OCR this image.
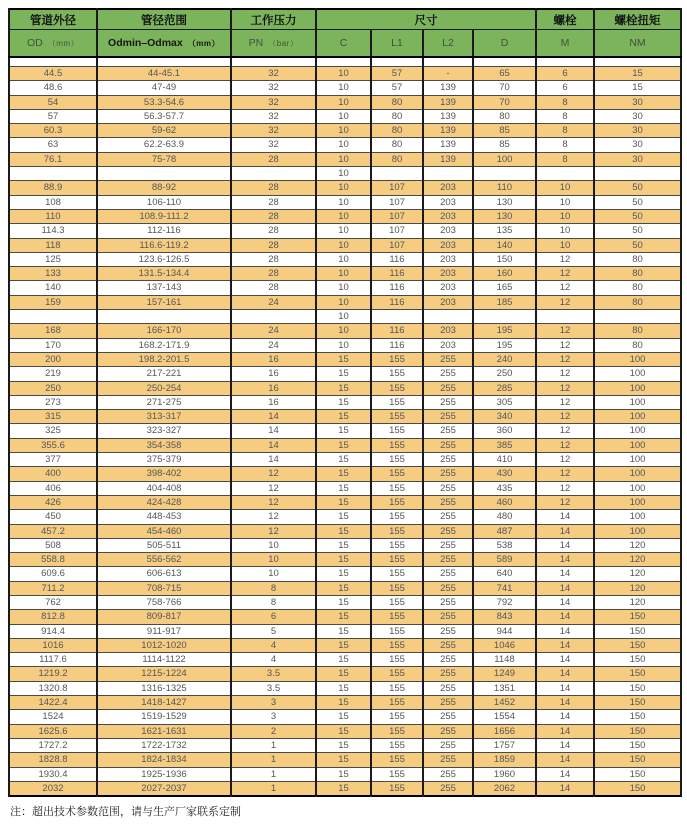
管道外径	管径范围	工作压力	尺寸				螺栓	螺栓扭矩
OD （mm）	Odmin–Odmax （mm）	PN （bar）	C	L1	L2	D	M	NM

44.5	44-45.1	32	10	57	-	65	6	15
48.6	47-49	32	10	57	139	70	6	15
54	53.3-54.6	32	10	80	139	70	8	30
57	56.3-57.7	32	10	80	139	80	8	30
60.3	59-62	32	10	80	139	85	8	30
63	62.2-63.9	32	10	80	139	85	8	30
76.1	75-78	28	10	80	139	100	8	30
			10					
88.9	88-92	28	10	107	203	110	10	50
108	106-110	28	10	107	203	130	10	50
110	108.9-111.2	28	10	107	203	130	10	50
114.3	112-116	28	10	107	203	135	10	50
118	116.6-119.2	28	10	107	203	140	10	50
125	123.6-126.5	28	10	116	203	150	12	80
133	131.5-134.4	28	10	116	203	160	12	80
140	137-143	28	10	116	203	165	12	80
159	157-161	24	10	116	203	185	12	80
			10					
168	166-170	24	10	116	203	195	12	80
170	168.2-171.9	24	10	116	203	195	12	80
200	198.2-201.5	16	15	155	255	240	12	100
219	217-221	16	15	155	255	250	12	100
250	250-254	16	15	155	255	285	12	100
273	271-275	16	15	155	255	305	12	100
315	313-317	14	15	155	255	340	12	100
325	323-327	14	15	155	255	360	12	100
355.6	354-358	14	15	155	255	385	12	100
377	375-379	14	15	155	255	410	12	100
400	398-402	12	15	155	255	430	12	100
406	404-408	12	15	155	255	435	12	100
426	424-428	12	15	155	255	460	12	100
450	448-453	12	15	155	255	480	14	100
457.2	454-460	12	15	155	255	487	14	100
508	505-511	10	15	155	255	538	14	120
558.8	556-562	10	15	155	255	589	14	120
609.6	606-613	10	15	155	255	640	14	120
711.2	708-715	8	15	155	255	741	14	120
762	758-766	8	15	155	255	792	14	120
812.8	809-817	6	15	155	255	843	14	150
914.4	911-917	5	15	155	255	944	14	150
1016	1012-1020	4	15	155	255	1046	14	150
1117.6	1114-1122	4	15	155	255	1148	14	150
1219.2	1215-1224	3.5	15	155	255	1249	14	150
1320.8	1316-1325	3.5	15	155	255	1351	14	150
1422.4	1418-1427	3	15	155	255	1452	14	150
1524	1519-1529	3	15	155	255	1554	14	150
1625.6	1621-1631	2	15	155	255	1656	14	150
1727.2	1722-1732	1	15	155	255	1757	14	150
1828.8	1824-1834	1	15	155	255	1859	14	150
1930.4	1925-1936	1	15	155	255	1960	14	150
2032	2027-2037	1	15	155	255	2062	14	150
注：超出技术参数范围，请与生产厂家联系定制
